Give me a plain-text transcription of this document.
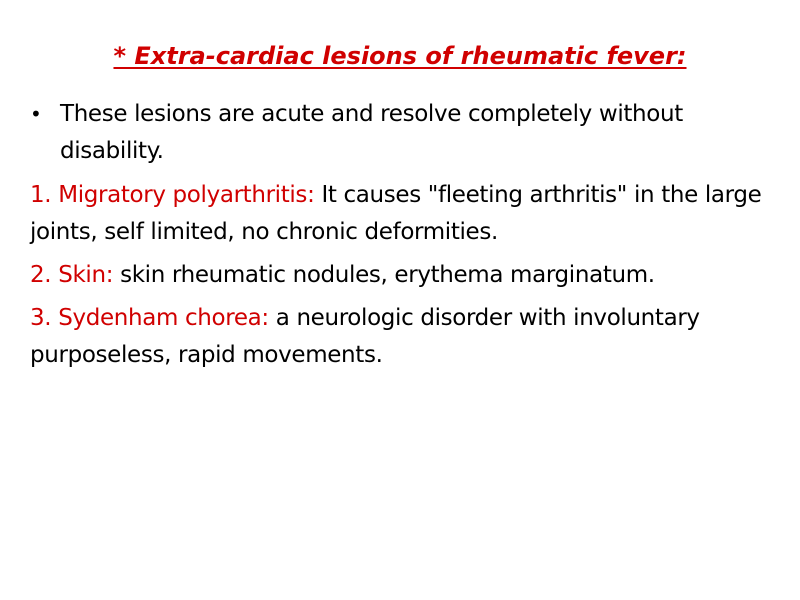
* Extra-cardiac lesions of rheumatic fever:
• These lesions are acute and resolve completely without disability.
1. Migratory polyarthritis: It causes "fleeting arthritis" in the large joints, self limited, no chronic deformities.
2. Skin: skin rheumatic nodules, erythema marginatum.
3. Sydenham chorea: a neurologic disorder with involuntary purposeless, rapid movements.
